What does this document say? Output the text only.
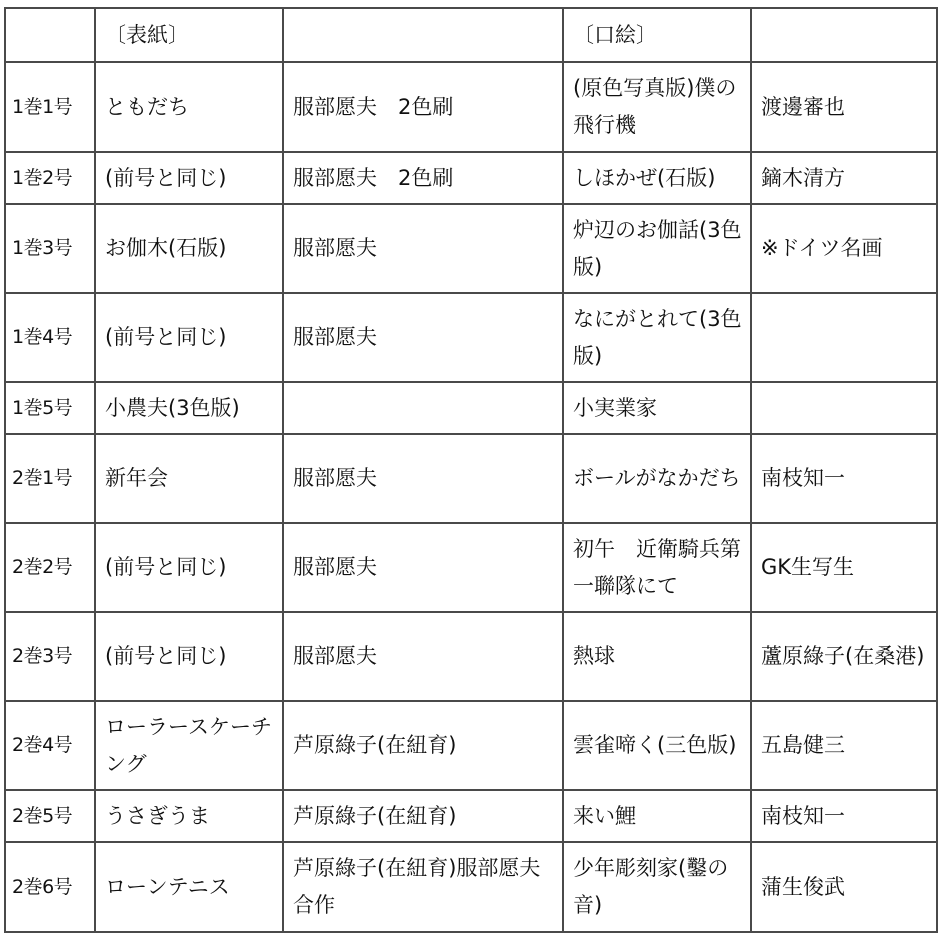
	〔表紙〕		〔口絵〕	
1巻1号	ともだち	服部愿夫　2色刷	(原色写真版)僕の飛行機	渡邊審也
1巻2号	(前号と同じ)	服部愿夫　2色刷	しほかぜ(石版)	鏑木清方
1巻3号	お伽木(石版)	服部愿夫	炉辺のお伽話(3色版)	※ドイツ名画
1巻4号	(前号と同じ)	服部愿夫	なにがとれて(3色版)	
1巻5号	小農夫(3色版)		小実業家	
2巻1号	新年会	服部愿夫	ボールがなかだち	南枝知一
2巻2号	(前号と同じ)	服部愿夫	初午　近衛騎兵第一聯隊にて	GK生写生
2巻3号	(前号と同じ)	服部愿夫	熱球	蘆原綠子(在桑港)
2巻4号	ローラースケーチング	芦原綠子(在紐育)	雲雀啼く(三色版)	五島健三
2巻5号	うさぎうま	芦原綠子(在紐育)	来い鯉	南枝知一
2巻6号	ローンテニス	芦原綠子(在紐育)服部愿夫　合作	少年彫刻家(鑿の音)	蒲生俊武
